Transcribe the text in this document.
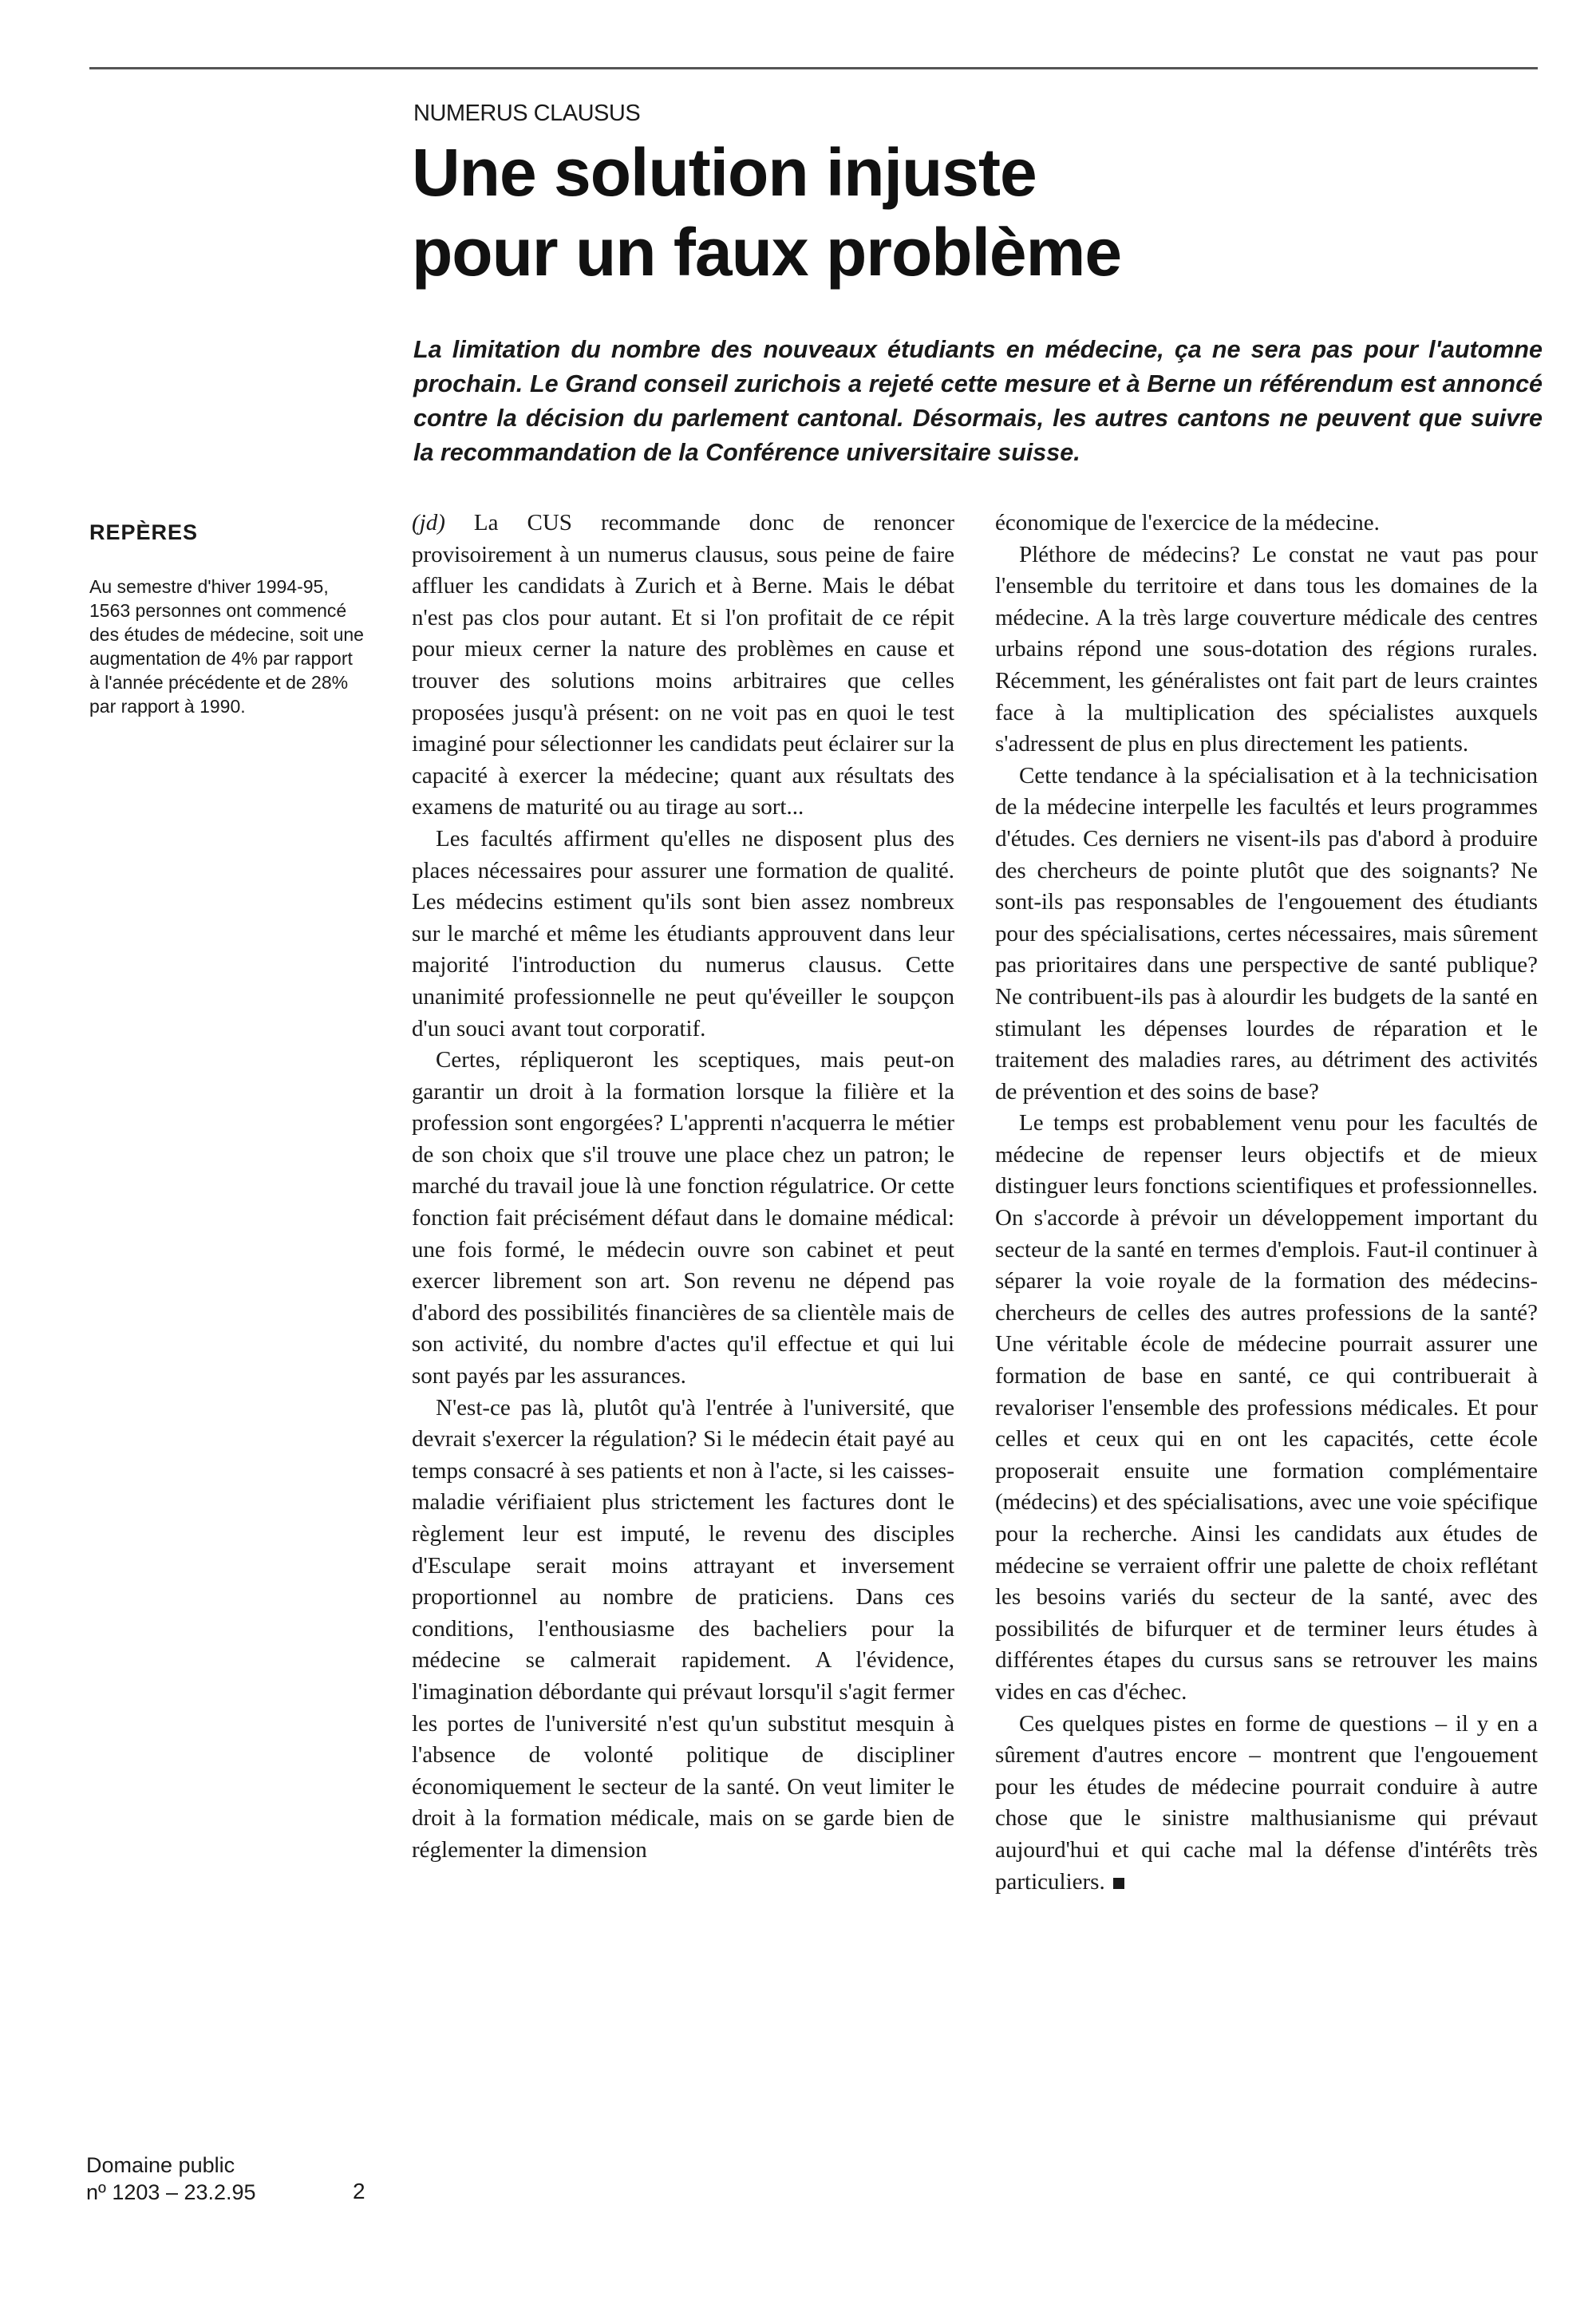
NUMERUS CLAUSUS
Une solution injuste
pour un faux problème

La limitation du nombre des nouveaux étudiants en médecine, ça ne sera pas pour l'automne prochain. Le Grand conseil zurichois a rejeté cette mesure et à Berne un référendum est annoncé contre la décision du parlement cantonal. Désormais, les autres cantons ne peuvent que suivre la recommandation de la Conférence universitaire suisse.

REPÈRES

Au semestre d'hiver 1994-95, 1563 personnes ont commencé des études de médecine, soit une augmentation de 4% par rapport à l'année précédente et de 28% par rapport à 1990.

(jd) La CUS recommande donc de renoncer provisoirement à un numerus clausus, sous peine de faire affluer les candidats à Zurich et à Berne. Mais le débat n'est pas clos pour autant. Et si l'on profitait de ce répit pour mieux cerner la nature des problèmes en cause et trouver des solutions moins arbitraires que celles proposées jusqu'à présent: on ne voit pas en quoi le test imaginé pour sélectionner les candidats peut éclairer sur la capacité à exercer la médecine; quant aux résultats des examens de maturité ou au tirage au sort...

Les facultés affirment qu'elles ne disposent plus des places nécessaires pour assurer une formation de qualité. Les médecins estiment qu'ils sont bien assez nombreux sur le marché et même les étudiants approuvent dans leur majorité l'introduction du numerus clausus. Cette unanimité professionnelle ne peut qu'éveiller le soupçon d'un souci avant tout corporatif.

Certes, répliqueront les sceptiques, mais peut-on garantir un droit à la formation lorsque la filière et la profession sont engorgées? L'apprenti n'acquerra le métier de son choix que s'il trouve une place chez un patron; le marché du travail joue là une fonction régulatrice. Or cette fonction fait précisément défaut dans le domaine médical: une fois formé, le médecin ouvre son cabinet et peut exercer librement son art. Son revenu ne dépend pas d'abord des possibilités financières de sa clientèle mais de son activité, du nombre d'actes qu'il effectue et qui lui sont payés par les assurances.

N'est-ce pas là, plutôt qu'à l'entrée à l'université, que devrait s'exercer la régulation? Si le médecin était payé au temps consacré à ses patients et non à l'acte, si les caisses-maladie vérifiaient plus strictement les factures dont le règlement leur est imputé, le revenu des disciples d'Esculape serait moins attrayant et inversement proportionnel au nombre de praticiens. Dans ces conditions, l'enthousiasme des bacheliers pour la médecine se calmerait rapidement. A l'évidence, l'imagination débordante qui prévaut lorsqu'il s'agit fermer les portes de l'université n'est qu'un substitut mesquin à l'absence de volonté politique de discipliner économiquement le secteur de la santé. On veut limiter le droit à la formation médicale, mais on se garde bien de réglementer la dimension

économique de l'exercice de la médecine.

Pléthore de médecins? Le constat ne vaut pas pour l'ensemble du territoire et dans tous les domaines de la médecine. A la très large couverture médicale des centres urbains répond une sous-dotation des régions rurales. Récemment, les généralistes ont fait part de leurs craintes face à la multiplication des spécialistes auxquels s'adressent de plus en plus directement les patients.

Cette tendance à la spécialisation et à la technicisation de la médecine interpelle les facultés et leurs programmes d'études. Ces derniers ne visent-ils pas d'abord à produire des chercheurs de pointe plutôt que des soignants? Ne sont-ils pas responsables de l'engouement des étudiants pour des spécialisations, certes nécessaires, mais sûrement pas prioritaires dans une perspective de santé publique? Ne contribuent-ils pas à alourdir les budgets de la santé en stimulant les dépenses lourdes de réparation et le traitement des maladies rares, au détriment des activités de prévention et des soins de base?

Le temps est probablement venu pour les facultés de médecine de repenser leurs objectifs et de mieux distinguer leurs fonctions scientifiques et professionnelles. On s'accorde à prévoir un développement important du secteur de la santé en termes d'emplois. Faut-il continuer à séparer la voie royale de la formation des médecins-chercheurs de celles des autres professions de la santé? Une véritable école de médecine pourrait assurer une formation de base en santé, ce qui contribuerait à revaloriser l'ensemble des professions médicales. Et pour celles et ceux qui en ont les capacités, cette école proposerait ensuite une formation complémentaire (médecins) et des spécialisations, avec une voie spécifique pour la recherche. Ainsi les candidats aux études de médecine se verraient offrir une palette de choix reflétant les besoins variés du secteur de la santé, avec des possibilités de bifurquer et de terminer leurs études à différentes étapes du cursus sans se retrouver les mains vides en cas d'échec.

Ces quelques pistes en forme de questions – il y en a sûrement d'autres encore – montrent que l'engouement pour les études de médecine pourrait conduire à autre chose que le sinistre malthusianisme qui prévaut aujourd'hui et qui cache mal la défense d'intérêts très particuliers.

Domaine public
nº 1203 – 23.2.95	2
